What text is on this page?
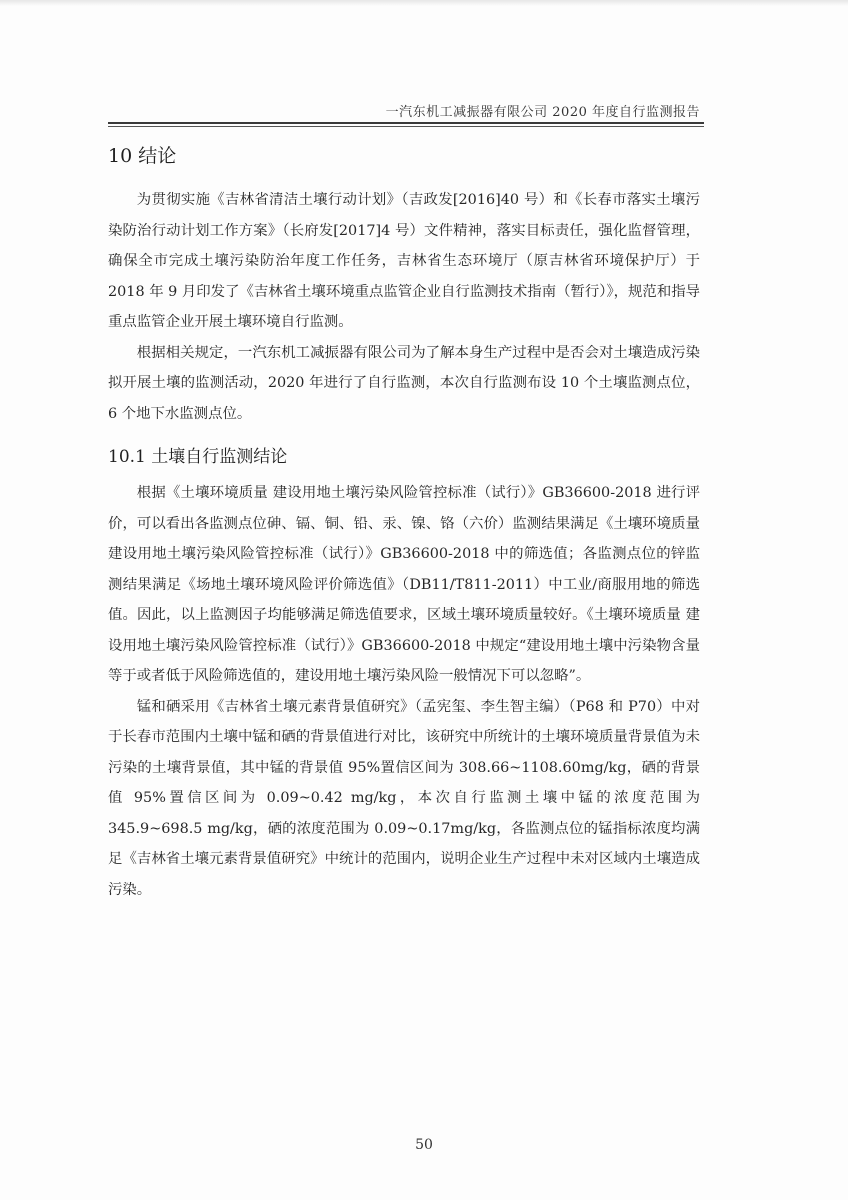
一汽东机工减振器有限公司 2020 年度自行监测报告
10 结论

为贯彻实施《吉林省清洁土壤行动计划》（吉政发[2016]40 号）和《长春市落实土壤污染防治行动计划工作方案》（长府发[2017]4 号）文件精神，落实目标责任，强化监督管理，确保全市完成土壤污染防治年度工作任务，吉林省生态环境厅（原吉林省环境保护厅）于 2018 年 9 月印发了《吉林省土壤环境重点监管企业自行监测技术指南（暂行）》，规范和指导重点监管企业开展土壤环境自行监测。

根据相关规定，一汽东机工减振器有限公司为了解本身生产过程中是否会对土壤造成污染拟开展土壤的监测活动，2020 年进行了自行监测，本次自行监测布设 10 个土壤监测点位，6 个地下水监测点位。

10.1 土壤自行监测结论

根据《土壤环境质量 建设用地土壤污染风险管控标准（试行）》GB36600-2018 进行评价，可以看出各监测点位砷、镉、铜、铅、汞、镍、铬（六价）监测结果满足《土壤环境质量 建设用地土壤污染风险管控标准（试行）》GB36600-2018 中的筛选值；各监测点位的锌监测结果满足《场地土壤环境风险评价筛选值》（DB11/T811-2011）中工业/商服用地的筛选值。因此，以上监测因子均能够满足筛选值要求，区域土壤环境质量较好。《土壤环境质量 建设用地土壤污染风险管控标准（试行）》GB36600-2018 中规定“建设用地土壤中污染物含量等于或者低于风险筛选值的，建设用地土壤污染风险一般情况下可以忽略”。

锰和硒采用《吉林省土壤元素背景值研究》（孟宪玺、李生智主编）（P68 和 P70）中对于长春市范围内土壤中锰和硒的背景值进行对比，该研究中所统计的土壤环境质量背景值为未污染的土壤背景值，其中锰的背景值 95%置信区间为 308.66~1108.60mg/kg，硒的背景值 95%置信区间为 0.09~0.42 mg/kg，本次自行监测土壤中锰的浓度范围为 345.9~698.5 mg/kg，硒的浓度范围为 0.09~0.17mg/kg，各监测点位的锰指标浓度均满足《吉林省土壤元素背景值研究》中统计的范围内，说明企业生产过程中未对区域内土壤造成污染。

50
